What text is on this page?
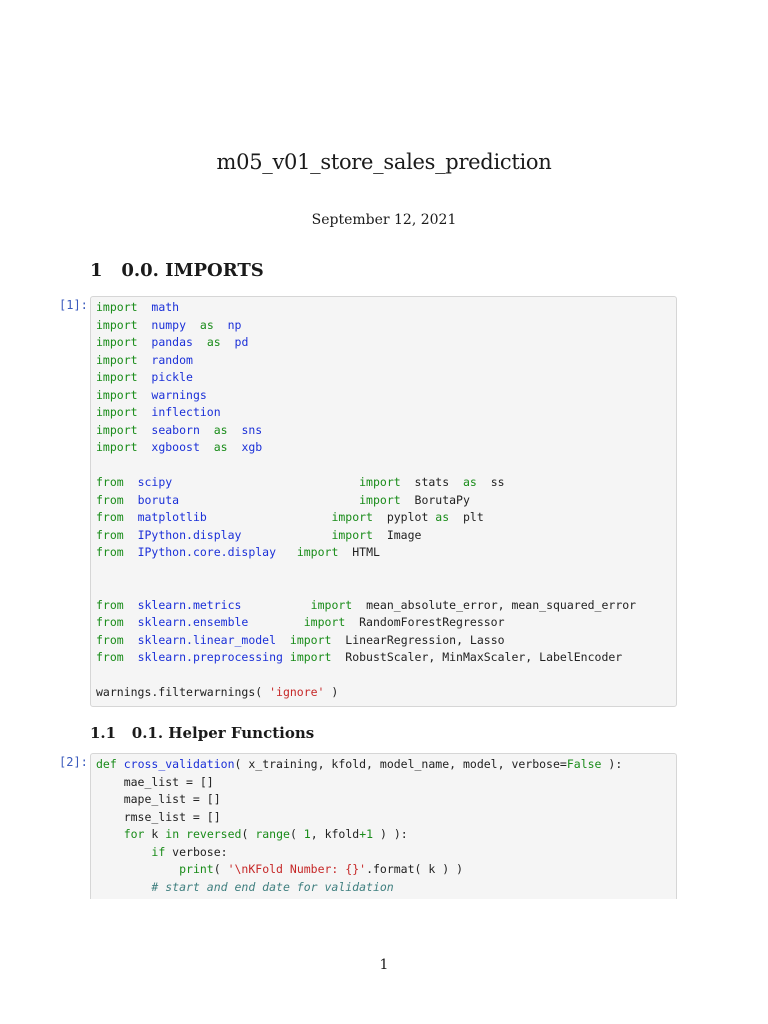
m05_v01_store_sales_prediction
September 12, 2021
1   0.0. IMPORTS
[1]: import math
import numpy as np
import pandas as pd
import random
import pickle
import warnings
import inflection
import seaborn as sns
import xgboost as xgb
from scipy	import  stats  as  ss
from boruta	import  BorutaPy
from matplotlib	import  pyplot as  plt
from IPython.display	import  Image
from IPython.core.display import  HTML
from sklearn.metrics	import  mean_absolute_error, mean_squared_error
from sklearn.ensemble	import  RandomForestRegressor
from sklearn.linear_model import  LinearRegression, Lasso
from sklearn.preprocessing import  RobustScaler, MinMaxScaler, LabelEncoder
warnings.filterwarnings( 'ignore' )
1.1   0.1. Helper Functions
[2]: def cross_validation( x_training, kfold, model_name, model, verbose=False ):
mae_list = []
mape_list = []
rmse_list = []
for k in reversed( range( 1, kfold+1 ) ):
if verbose:
print( '\nKFold Number: {}'.format( k ) )
# start and end date for validation
1
